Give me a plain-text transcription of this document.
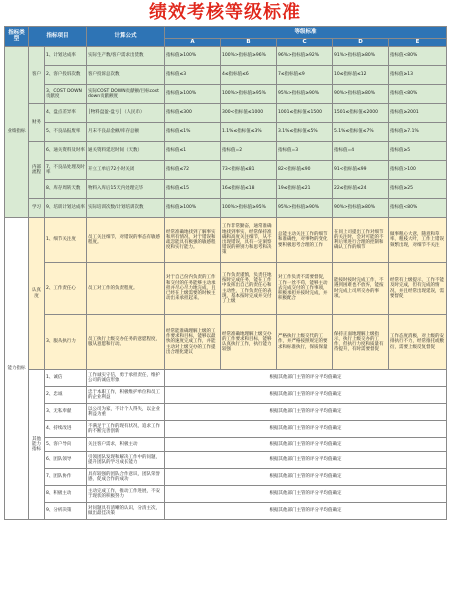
绩效考核等级标准
指标类型	指标项目		计算公式	等级标准				
				A	B	C	D	E
业绩指标	客户	1、计划达成率	实际生产数/客户需求出货数	指标值≥100%	100%>指标值≥96%	96%>指标值≥92%	91%>指标值≥80%	指标值<80%
		2、客户投诉次数	客户投诉总次数	指标值≤3	4≤指标值≤6	7≤指标值≤9	10≤指标值≤12	指标值≥13
		3、COST DOWN贡献度	实际COST DOWN贡献额/目标cost down贡献额度	指标值≥100%	100%>指标值≥95%	95%>指标值≥90%	90%>指标值≥80%	指标值<80%
	财务	4、盘点差异率	│物料盘盈-盘亏│（人民币）	指标值≤300	300<指标值≤1000	1001≤指标值≤1500	1501≤指标值≤2000	指标值≥2001
		5、不良品报废率	月末不良品金额/库存总额	指标值≤1%	1.1%≤指标值≤3%	3.1%≤指标值≤5%	5.1%≤指标值≤7%	指标值≥7.1%
	内部流程	6、通关资料及时率	通关资料延迟时间（天数）	指标值≤1	指标值=2	指标值=3	指标值=4	指标值≥5
		7、不良品处理及时率	开立工单后72小时关闭	指标值≤72	73<指标值≤81	82<指标值≤90	91<指标值≤99	指标值>100
		8、库存周转天数	物料入库后15天内处理完毕	指标值≤15	16≤指标值≤18	19≤指标值≤21	22≤指标值≤24	指标值≥25
	学习	9、培训计划达成率	实际培训次数/计划培训次数	指标值≥100%	100%>指标值≥95%	95%>指标值≥90%	90%>指标值≥80%	指标值<80%
能力指标	认真度	1、细节关注度	员工关注细节，对错误的事态有敏感程度。	经常准确地找到了解事实和所有情况，对于错误和疏忽能具有极强的敏感程度和实行能力。	工作非常勤奋，通常准确地找到事实，经常保持准确和高度关注细节，从不出现错误，具有一定洞察错误的辨别力和思考和决策	总能主动关注工作的细节和准确性，对事物的变化要积极思考合理的工作	在同上司提出工作对细节的关注时，会对可能的不利后果进行合理的控制和确认工作的细节	做事粗心大意，随意和草率，粗枝大叶，工作上错误频繁出现，对细节不关注
		2、工作责任心	员工对工作的负责程度。	对于自己份内负责的工作和交付的任务能够主动承担并尽心尽力地完成，且已经在上级需要的时候主动出来承担起来。	工作负责谨慎，负责任地按时完成任务，能在工作中发挥出自己的责任心和主动性，工作负责任的表现，基本按时完成并交付了上级	对工作负责不需要督促，工作一丝不苟，能够主动去完成交付的工作事项，积极承担并按时完成，并积极配合	能按时按时完成工作，不遇到困难也不放弃，能按时完成上司所交办的事项。	经常有上级提示，工作不能及时完成，但有完成的情况，并且经常出现延误，需要督促
		3、服从执行力	员工执行上级交办任务的意愿程度，服从意愿和行动。	经常能准确理解上级的工作要求和目标，能够以最快的速度完成工作，并能主动对上级交办的工作提出合理化建议	经常准确地理解上级交办的工作要求和目标，能够认真执行工作，执行能力较强	严格执行上级交代的工作，并严格按照规定的要求和标准执行，保质保量	保持正面地理解上级指示，执行上级交办的工作，但执行力度和质量有待提升，有时需要督促	工作态度消极，对上级的安排执行不力，经常推托或敷衍，需要上级反复督促
	其他能力指标	1、诚信	工作诚实守信，勇于承担责任，维护公司的诚信形象	根据其他部门主管的评分平均值确定				
		2、忠诚	忠于本职工作，积极维护单位和员工的企业利益	根据其他部门主管的评分平均值确定				
		3、无私奉献	以公司为家，不计个人得失，以企业利益为重	根据其他部门主管的评分平均值确定				
		4、持续改进	不满足于工作的现有状况，追求工作的不断完善创新	根据其他部门主管的评分平均值确定				
		5、客户导向	关注客户需求，积极主动	根据其他部门主管的评分平均值确定				
		6、团队领导	引领团队发现和解决工作中的问题，提升团队的学习成长能力	根据其他部门主管的评分平均值确定				
		7、团队协作	具有较强的团队合作意识，团队荣誉感，促成合作的成功	根据其他部门主管的评分平均值确定				
		8、积极主动	主动完成工作，推动工作进展，不安于现状的积极努力	根据其他部门主管的评分平均值确定				
		9、分析决策	对问题具有清晰的认识，分清主次，做出最佳决策	根据其他部门主管的评分平均值确定				
